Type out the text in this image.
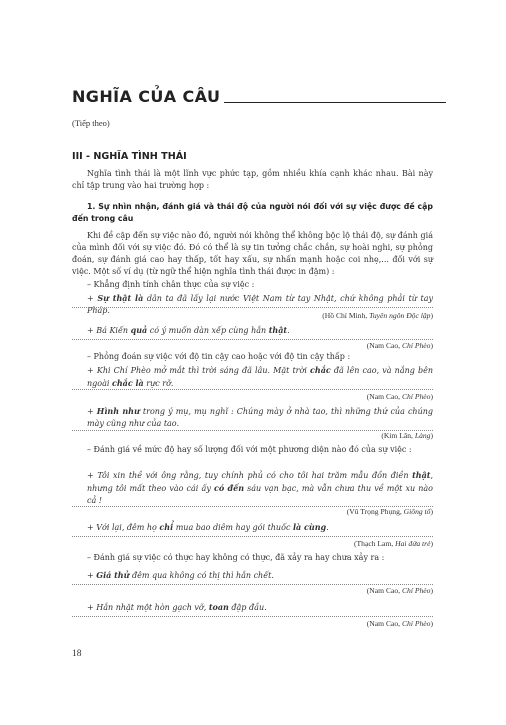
NGHĨA CỦA CÂU
(Tiếp theo)
III - NGHĨA TÌNH THÁI
Nghĩa tình thái là một lĩnh vực phức tạp, gồm nhiều khía cạnh khác nhau. Bài này chỉ tập trung vào hai trường hợp :
1. Sự nhìn nhận, đánh giá và thái độ của người nói đối với sự việc được đề cập đến trong câu
Khi đề cập đến sự việc nào đó, người nói không thể không bộc lộ thái độ, sự đánh giá của mình đối với sự việc đó. Đó có thể là sự tin tưởng chắc chắn, sự hoài nghi, sự phỏng đoán, sự đánh giá cao hay thấp, tốt hay xấu, sự nhấn mạnh hoặc coi nhẹ,... đối với sự việc. Một số ví dụ (từ ngữ thể hiện nghĩa tình thái được in đậm) :
– Khẳng định tính chân thực của sự việc :
+ Sự thật là dân ta đã lấy lại nước Việt Nam từ tay Nhật, chứ không phải từ tay Pháp.
(Hồ Chí Minh, Tuyên ngôn Độc lập)
+ Bá Kiến quả có ý muốn dàn xếp cùng hắn thật.
(Nam Cao, Chí Phèo)
– Phỏng đoán sự việc với độ tin cậy cao hoặc với độ tin cậy thấp :
+ Khi Chí Phèo mở mắt thì trời sáng đã lâu. Mặt trời chắc đã lên cao, và nắng bên ngoài chắc là rực rỡ.
(Nam Cao, Chí Phèo)
+ Hình như trong ý mụ, mụ nghĩ : Chúng mày ở nhà tao, thì những thứ của chúng mày cũng như của tao.
(Kim Lân, Làng)
– Đánh giá về mức độ hay số lượng đối với một phương diện nào đó của sự việc :
+ Tôi xin thề với ông rằng, tuy chính phủ có cho tôi hai trăm mẫu đồn điền thật, nhưng tôi mất theo vào cái ấy có đến sáu vạn bạc, mà vẫn chưa thu về một xu nào cả !
(Vũ Trọng Phụng, Giông tố)
+ Với lại, đêm họ chỉ mua bao diêm hay gói thuốc là cùng.
(Thạch Lam, Hai đứa trẻ)
– Đánh giá sự việc có thực hay không có thực, đã xảy ra hay chưa xảy ra :
+ Giá thử đêm qua không có thị thì hắn chết.
(Nam Cao, Chí Phèo)
+ Hắn nhặt một hòn gạch vỡ, toan đập đầu.
(Nam Cao, Chí Phèo)
18
